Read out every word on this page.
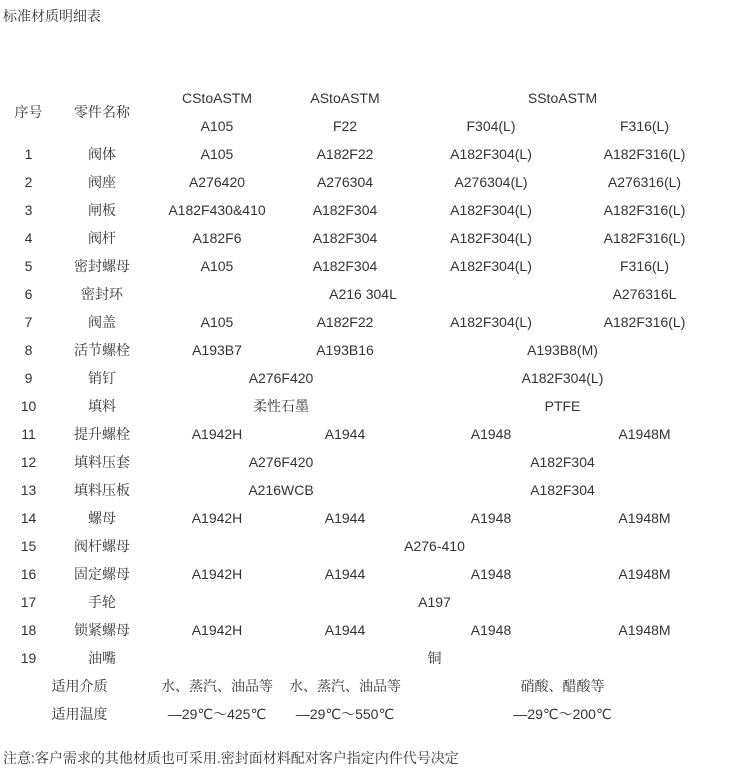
标准材质明细表
序号	零件名称	CStoASTM	AStoASTM	SStoASTM	
		A105	F22	F304(L)	F316(L)
1	阀体	A105	A182F22	A182F304(L)	A182F316(L)
2	阀座	A276420	A276304	A276304(L)	A276316(L)
3	闸板	A182F430&410	A182F304	A182F304(L)	A182F316(L)
4	阀杆	A182F6	A182F304	A182F304(L)	A182F316(L)
5	密封螺母	A105	A182F304	A182F304(L)	F316(L)
6	密封环	A216 304L			A276316L
7	阀盖	A105	A182F22	A182F304(L)	A182F316(L)
8	活节螺栓	A193B7	A193B16	A193B8(M)	
9	销钉	A276F420		A182F304(L)	
10	填料	柔性石墨		PTFE	
11	提升螺栓	A1942H	A1944	A1948	A1948M
12	填料压套	A276F420		A182F304	
13	填料压板	A216WCB		A182F304	
14	螺母	A1942H	A1944	A1948	A1948M
15	阀杆螺母	A276-410			
16	固定螺母	A1942H	A1944	A1948	A1948M
17	手轮	A197			
18	锁紧螺母	A1942H	A1944	A1948	A1948M
19	油嘴	铜			
适用介质		水、蒸汽、油品等	水、蒸汽、油品等	硝酸、醋酸等	
适用温度		—29℃～425℃	—29℃～550℃	—29℃～200℃	
注意:客户需求的其他材质也可采用.密封面材料配对客户指定内件代号决定
